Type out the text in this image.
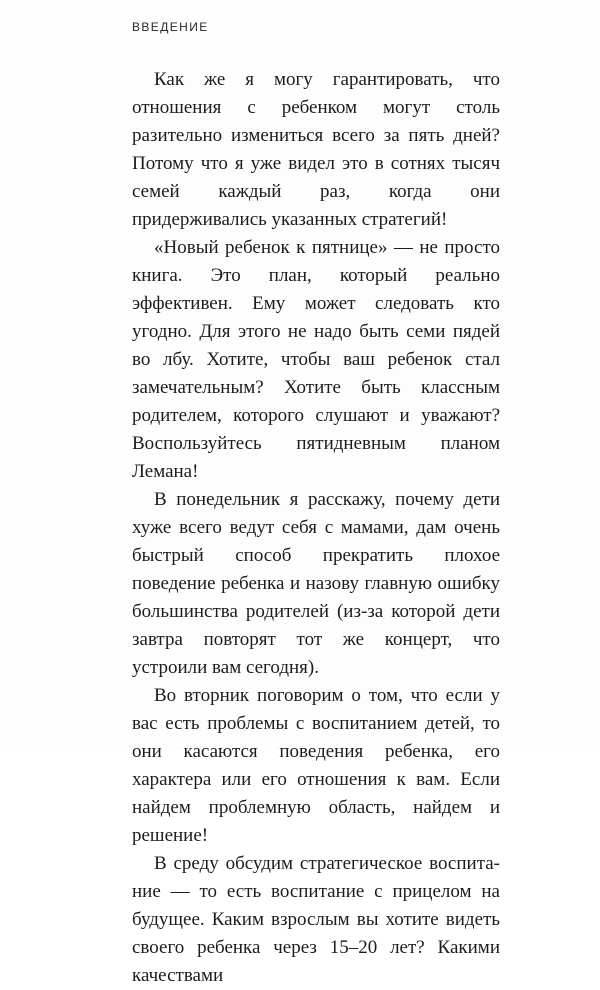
ВВЕДЕНИЕ

Как же я могу гарантировать, что отношения с ребенком могут столь разительно измениться всего за пять дней? Потому что я уже видел это в сотнях тысяч семей каждый раз, когда они придерживались указанных стратегий!

«Новый ребенок к пятнице» — не просто книга. Это план, который реально эффективен. Ему может следовать кто угодно. Для этого не надо быть семи пядей во лбу. Хотите, чтобы ваш ребенок стал замечательным? Хотите быть классным родителем, которого слушают и уважают? Воспользуйтесь пятидневным планом Лемана!

В понедельник я расскажу, почему дети хуже всего ведут себя с мамами, дам очень быстрый способ прекратить плохое поведение ребенка и назову главную ошибку большинства родителей (из-за которой дети завтра повторят тот же концерт, что устроили вам сегодня).

Во вторник поговорим о том, что если у вас есть проблемы с воспитанием детей, то они касаются поведения ребенка, его характера или его отношения к вам. Если найдем проблемную область, найдем и решение!

В среду обсудим стратегическое воспитание — то есть воспитание с прицелом на будущее. Каким взрослым вы хотите видеть своего ребенка через 15–20 лет? Какими качествами
